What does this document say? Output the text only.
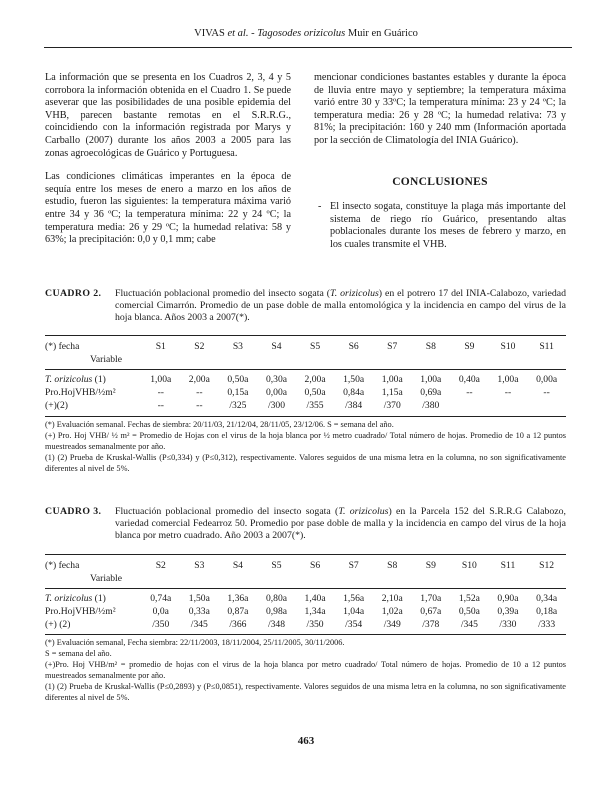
VIVAS et al. - Tagosodes orizicolus Muir en Guárico

La información que se presenta en los Cuadros 2, 3, 4 y 5 corrobora la información obtenida en el Cuadro 1. Se puede aseverar que las posibilidades de una posible epidemia del VHB, parecen bastante remotas en el S.R.R.G., coincidiendo con la información registrada por Marys y Carballo (2007) durante los años 2003 a 2005 para las zonas agroecológicas de Guárico y Portuguesa.

Las condiciones climáticas imperantes en la época de sequía entre los meses de enero a marzo en los años de estudio, fueron las siguientes: la temperatura máxima varió entre 34 y 36 ºC; la temperatura mínima: 22 y 24 ºC; la temperatura media: 26 y 29 ºC; la humedad relativa: 58 y 63%; la precipitación: 0,0 y 0,1 mm; cabe

mencionar condiciones bastantes estables y durante la época de lluvia entre mayo y septiembre; la temperatura máxima varió entre 30 y 33ºC; la temperatura mínima: 23 y 24 ºC; la temperatura media: 26 y 28 ºC; la humedad relativa: 73 y 81%; la precipitación: 160 y 240 mm (Información aportada por la sección de Climatología del INIA Guárico).

CONCLUSIONES
- El insecto sogata, constituye la plaga más importante del sistema de riego río Guárico, presentando altas poblacionales durante los meses de febrero y marzo, en los cuales transmite el VHB.
CUADRO 2. Fluctuación poblacional promedio del insecto sogata (T. orizicolus) en el potrero 17 del INIA-Calabozo, variedad comercial Cimarrón. Promedio de un pase doble de malla entomológica y la incidencia en campo del virus de la hoja blanca. Años 2003 a 2007(*).
(*) fecha	S1	S2	S3	S4	S5	S6	S7	S8	S9	S10	S11
Variable											

T. orizicolus (1)	1,00a	2,00a	0,50a	0,30a	2,00a	1,50a	1,00a	1,00a	0,40a	1,00a	0,00a
Pro.HojVHB/½m²	--	--	0,15a	0,00a	0,50a	0,84a	1,15a	0,69a	--	--	--
(+)(2)	--	--	/325	/300	/355	/384	/370	/380			

(*) Evaluación semanal. Fechas de siembra: 20/11/03, 21/12/04, 28/11/05, 23/12/06. S = semana del año.

(+) Pro. Hoj VHB/ ½ m² = Promedio de Hojas con el virus de la hoja blanca por ½ metro cuadrado/ Total número de hojas. Promedio de 10 a 12 puntos muestreados semanalmente por año.

(1) (2) Prueba de Kruskal-Wallis (P≤0,334) y (P≤0,312), respectivamente. Valores seguidos de una misma letra en la columna, no son significativamente diferentes al nivel de 5%.

CUADRO 3. Fluctuación poblacional promedio del insecto sogata (T. orizicolus) en la Parcela 152 del S.R.R.G Calabozo, variedad comercial Fedearroz 50. Promedio por pase doble de malla y la incidencia en campo del virus de la hoja blanca por metro cuadrado. Año 2003 a 2007(*).
(*) fecha	S2	S3	S4	S5	S6	S7	S8	S9	S10	S11	S12
Variable											

T. orizicolus (1)	0,74a	1,50a	1,36a	0,80a	1,40a	1,56a	2,10a	1,70a	1,52a	0,90a	0,34a
Pro.HojVHB/½m²	0,0a	0,33a	0,87a	0,98a	1,34a	1,04a	1,02a	0,67a	0,50a	0,39a	0,18a
(+) (2)	/350	/345	/366	/348	/350	/354	/349	/378	/345	/330	/333

(*) Evaluación semanal, Fecha siembra: 22/11/2003, 18/11/2004, 25/11/2005, 30/11/2006.

S = semana del año.

(+)Pro. Hoj VHB/m² = promedio de hojas con el virus de la hoja blanca por metro cuadrado/ Total número de hojas. Promedio de 10 a 12 puntos muestreados semanalmente por año.

(1) (2) Prueba de Kruskal-Wallis (P≤0,2893) y (P≤0,0851), respectivamente. Valores seguidos de una misma letra en la columna, no son significativamente diferentes al nivel de 5%.

463
